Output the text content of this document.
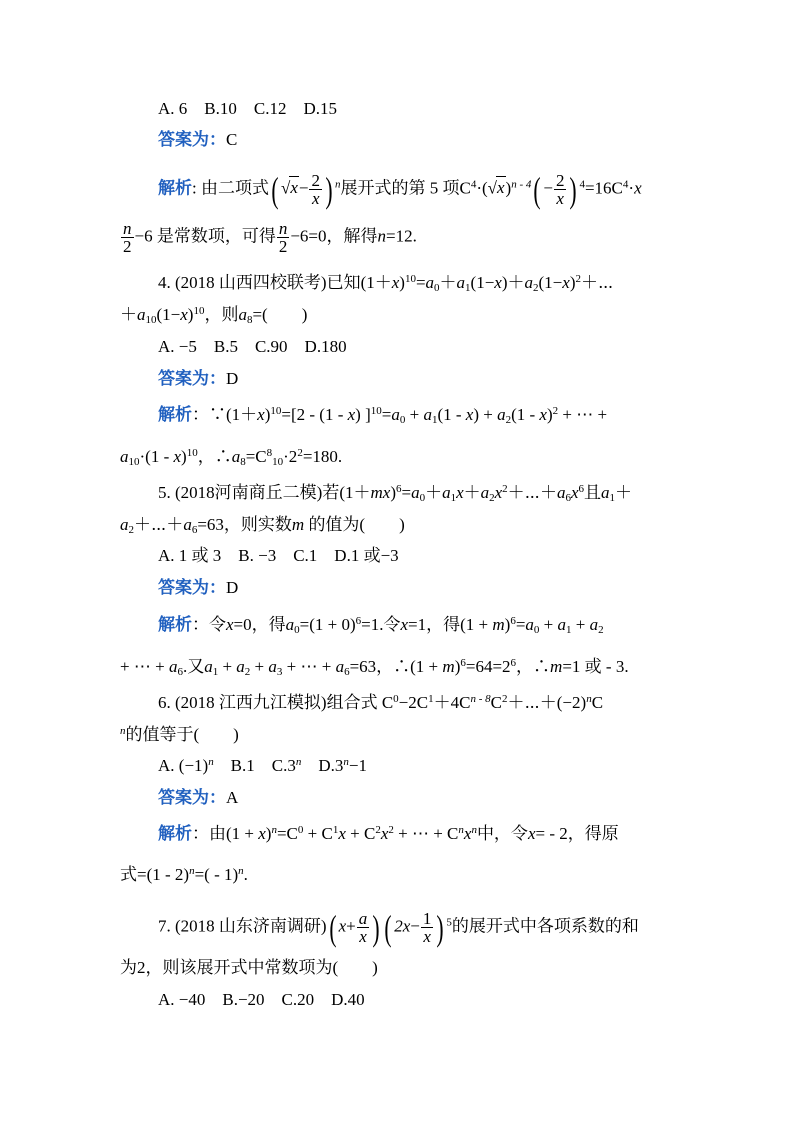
A. 6　B.10　C.12　D.15
答案为：C
解析: 由二项式( $√x- \frac{2}{x}$ ) $^n$展开式的第 5 项$C^4\cdot(√x)^{n - 4}( - \frac{2}{x}$ ) $^4=16C^4\cdot x$
$\frac{n}{2} -6$ 是常数项，可得 $\frac{n}{2} -6=0$，解得n=12.
4. (2018 山西四校联考)已知$(1+x)^{10}=a_0+a_1(1-x)+a_2(1-x)^2+\cdots$
$+a_{10}(1-x)^{10}$，则$a_8=$(　　)
A. −5　B.5　C.90　D.180
答案为：D
解析：$\because(1+x)^{10}=[2 - (1 - x) ]^{10}=a_0 + a_1(1 - x) + a_2(1 - x)^2$ + ⋯ +
$a_{10}\cdot(1 - x)^{10}$，$\therefore a_8=C^8_{10}\cdot 2^2=180$.
5. (2018河南商丘二模)若$(1+mx)^6=a_0+a_1x+a_2x^2+\cdots+a_6x^6$且$a_1+$
$a_2+\cdots+a_6=63$，则实数m 的值为(　　)
A. 1 或 3　B. −3　C.1　D.1 或−3
答案为：D
解析：令x=0，得$a_0=(1 + 0)^6=1$.令x=1，得$(1 + m)^6=a_0 + a_1 + a_2$
+ ⋯ + $a_6$.又$a_1 + a_2 + a_3$ + ⋯ + $a_6=63$，∴(1 + $m)^6=64=2^6$，∴m=1 或 - 3.
6. (2018 江西九江模拟)组合式 $C^0-2C^1+4C^{n - 8}C^2+\cdots+(-2)^nC$
$^n$的值等于(　　)
A. $(-1)^n$　B.1　C.3$^n$　$D.3^n-1$
答案为：A
解析：由$(1 + x)^n=C^0 + C^1x + C^2x^2$ + ⋯ + $C^nx^n$中，令x= - 2，得原
式=(1 - 2)$^n$=( - 1)$^n$.
7. (2018 山东济南调研)( $x+ \frac{a}{x}$ ) ( $2x- \frac{1}{x}$ ) $^5$的展开式中各项系数的和
为2，则该展开式中常数项为(　　)
A. −40　B.−20　C.20　D.40
